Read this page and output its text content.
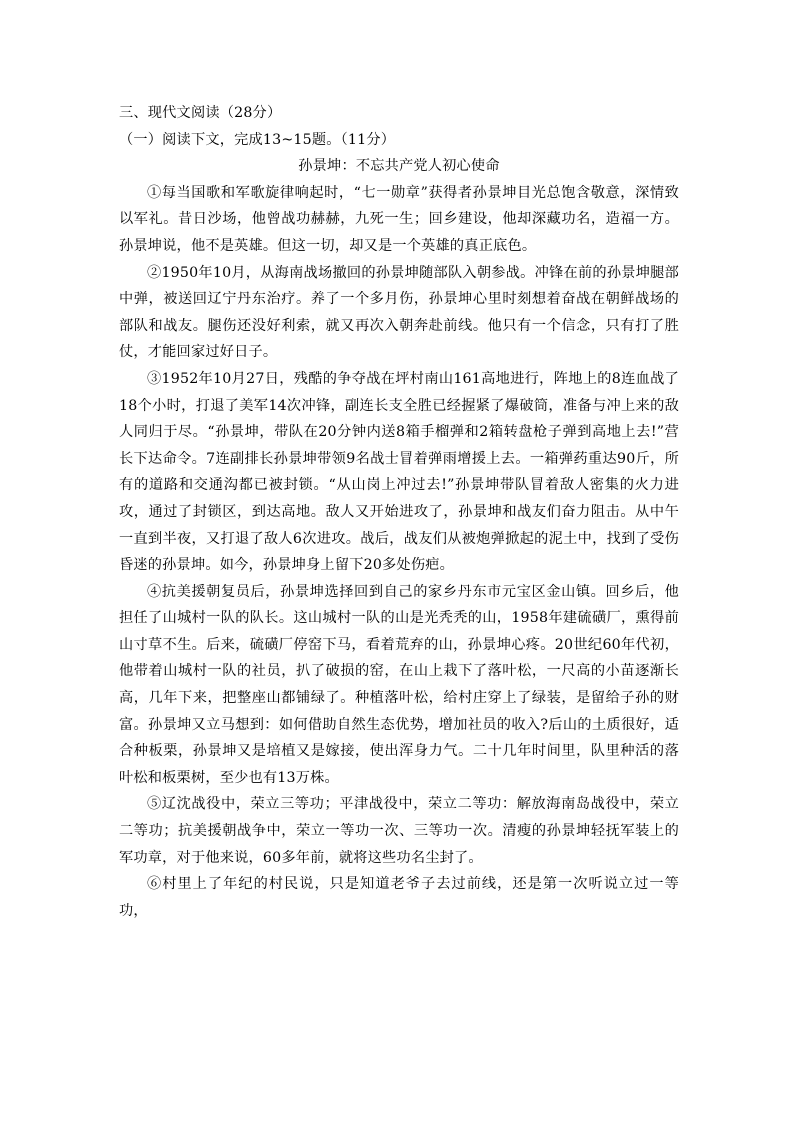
三、现代文阅读（28分）

（一）阅读下文，完成13~15题。（11分）

孙景坤：不忘共产党人初心使命

①每当国歌和军歌旋律响起时，“七一勋章”获得者孙景坤目光总饱含敬意，深情致以军礼。昔日沙场，他曾战功赫赫，九死一生；回乡建设，他却深藏功名，造福一方。孙景坤说，他不是英雄。但这一切，却又是一个英雄的真正底色。

②1950年10月，从海南战场撤回的孙景坤随部队入朝参战。冲锋在前的孙景坤腿部中弹，被送回辽宁丹东治疗。养了一个多月伤，孙景坤心里时刻想着奋战在朝鲜战场的部队和战友。腿伤还没好利索，就又再次入朝奔赴前线。他只有一个信念，只有打了胜仗，才能回家过好日子。

③1952年10月27日，残酷的争夺战在坪村南山161高地进行，阵地上的8连血战了18个小时，打退了美军14次冲锋，副连长支全胜已经握紧了爆破筒，准备与冲上来的敌人同归于尽。“孙景坤，带队在20分钟内送8箱手榴弹和2箱转盘枪子弹到高地上去!”营长下达命令。7连副排长孙景坤带领9名战士冒着弹雨增援上去。一箱弹药重达90斤，所有的道路和交通沟都已被封锁。“从山岗上冲过去!”孙景坤带队冒着敌人密集的火力进攻，通过了封锁区，到达高地。敌人又开始进攻了，孙景坤和战友们奋力阻击。从中午一直到半夜，又打退了敌人6次进攻。战后，战友们从被炮弹掀起的泥土中，找到了受伤昏迷的孙景坤。如今，孙景坤身上留下20多处伤疤。

④抗美援朝复员后，孙景坤选择回到自己的家乡丹东市元宝区金山镇。回乡后，他担任了山城村一队的队长。这山城村一队的山是光秃秃的山，1958年建硫磺厂，熏得前山寸草不生。后来，硫磺厂停窑下马，看着荒弃的山，孙景坤心疼。20世纪60年代初，他带着山城村一队的社员，扒了破损的窑，在山上栽下了落叶松，一尺高的小苗逐渐长高，几年下来，把整座山都铺绿了。种植落叶松，给村庄穿上了绿装，是留给子孙的财富。孙景坤又立马想到：如何借助自然生态优势，增加社员的收入?后山的土质很好，适合种板栗，孙景坤又是培植又是嫁接，使出浑身力气。二十几年时间里，队里种活的落叶松和板栗树，至少也有13万株。

⑤辽沈战役中，荣立三等功；平津战役中，荣立二等功：解放海南岛战役中，荣立二等功；抗美援朝战争中，荣立一等功一次、三等功一次。清瘦的孙景坤轻抚军装上的军功章，对于他来说，60多年前，就将这些功名尘封了。

⑥村里上了年纪的村民说，只是知道老爷子去过前线，还是第一次听说立过一等功，
